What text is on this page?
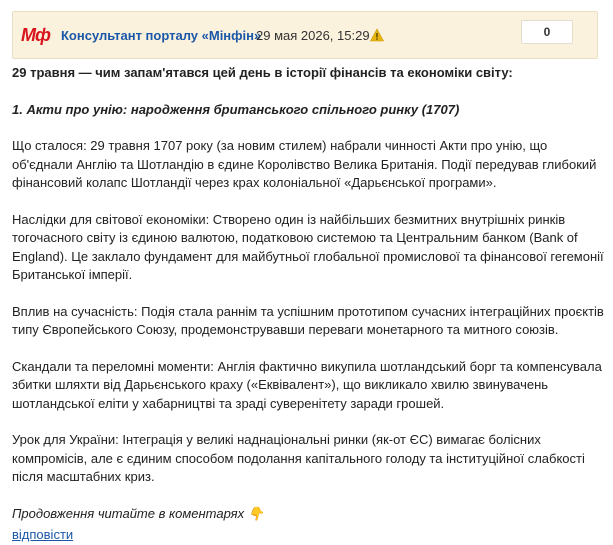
Мф Консультант порталу «Мінфін»
29 мая 2026, 15:29	0

29 травня — чим запам'ятався цей день в історії фінансів та економіки світу:

1. Акти про унію: народження британського спільного ринку (1707)

Що сталося: 29 травня 1707 року (за новим стилем) набрали чинності Акти про унію, що об'єднали Англію та Шотландію в єдине Королівство Велика Британія. Події передував глибокий фінансовий колапс Шотландії через крах колоніальної «Дарьєнської програми».

Наслідки для світової економіки: Створено один із найбільших безмитних внутрішніх ринків тогочасного світу із єдиною валютою, податковою системою та Центральним банком (Bank of England). Це заклало фундамент для майбутньої глобальної промислової та фінансової гегемонії Британської імперії.

Вплив на сучасність: Подія стала раннім та успішним прототипом сучасних інтеграційних проєктів типу Європейського Союзу, продемонструвавши переваги монетарного та митного союзів.

Скандали та переломні моменти: Англія фактично викупила шотландський борг та компенсувала збитки шляхти від Дарьєнського краху («Еквівалент»), що викликало хвилю звинувачень шотландської еліти у хабарництві та зраді суверенітету заради грошей.

Урок для України: Інтеграція у великі наднаціональні ринки (як-от ЄС) вимагає болісних компромісів, але є єдиним способом подолання капітального голоду та інституційної слабкості після масштабних криз.

Продовження читайте в коментарях 👇

відповісти
